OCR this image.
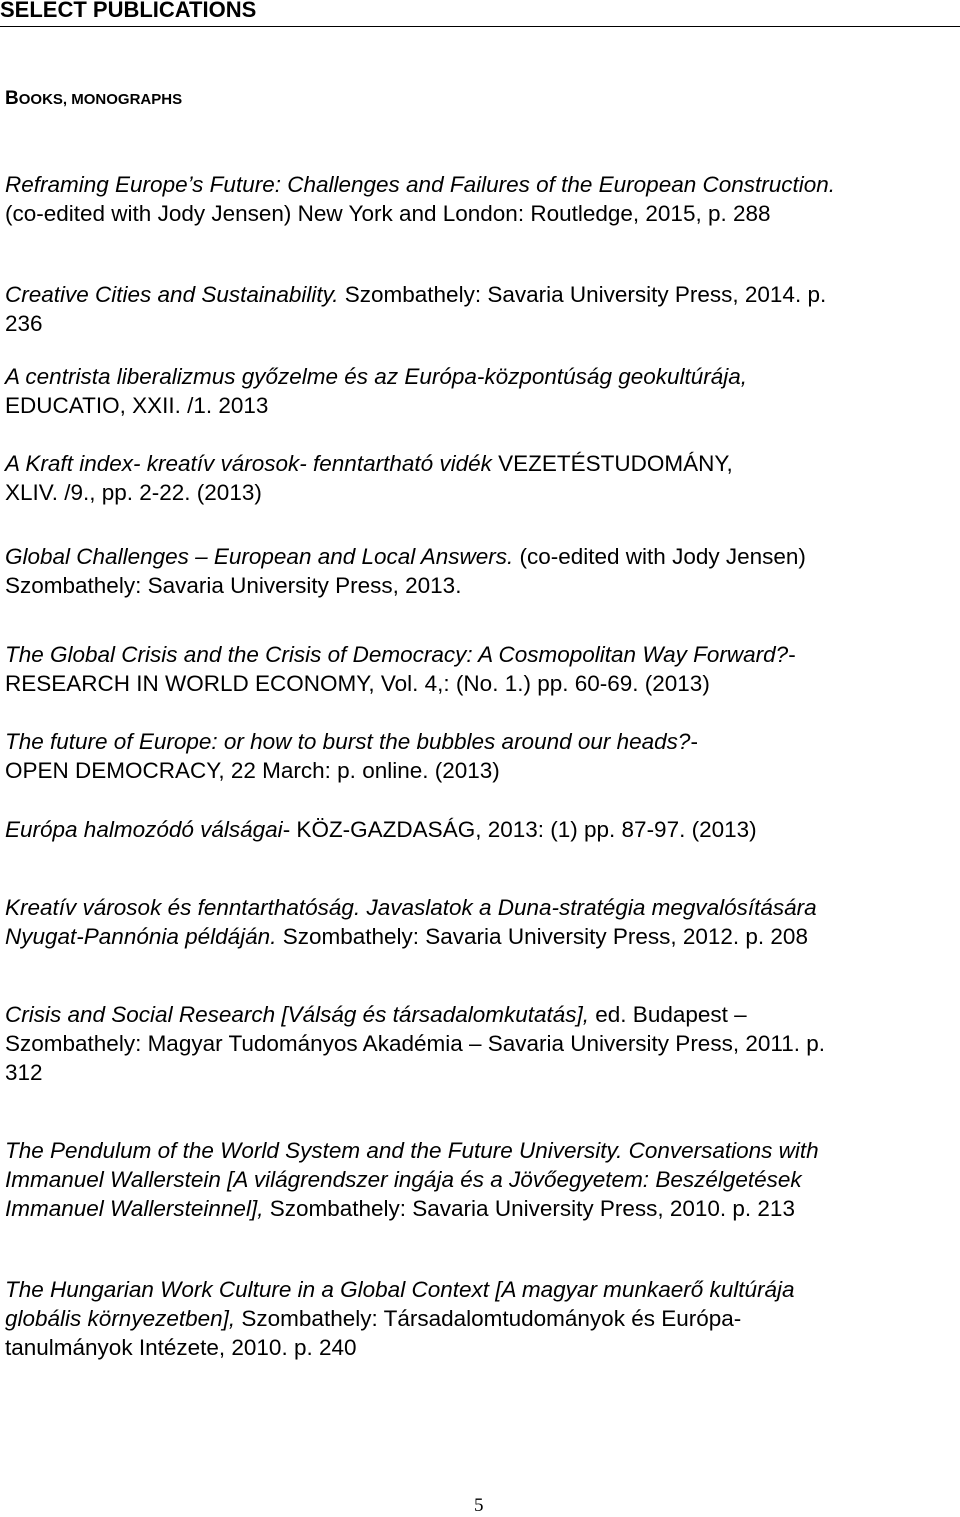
SELECT PUBLICATIONS
BOOKS, MONOGRAPHS
Reframing Europe’s Future: Challenges and Failures of the European Construction.
(co-edited with Jody Jensen) New York and London: Routledge, 2015, p. 288
Creative Cities and Sustainability. Szombathely: Savaria University Press, 2014. p.
236
A centrista liberalizmus győzelme és az Európa-központúság geokultúrája,
EDUCATIO, XXII. /1. 2013
A Kraft index- kreatív városok- fenntartható vidék VEZETÉSTUDOMÁNY,
XLIV. /9., pp. 2-22. (2013)
Global Challenges – European and Local Answers. (co-edited with Jody Jensen)
Szombathely: Savaria University Press, 2013.
The Global Crisis and the Crisis of Democracy: A Cosmopolitan Way Forward?-
RESEARCH IN WORLD ECONOMY, Vol. 4,: (No. 1.) pp. 60-69. (2013)
The future of Europe: or how to burst the bubbles around our heads?-
OPEN DEMOCRACY, 22 March: p. online. (2013)
Európa halmozódó válságai- KÖZ-GAZDASÁG, 2013: (1) pp. 87-97. (2013)
Kreatív városok és fenntarthatóság. Javaslatok a Duna-stratégia megvalósítására
Nyugat-Pannónia példáján. Szombathely: Savaria University Press, 2012. p. 208
Crisis and Social Research [Válság és társadalomkutatás], ed. Budapest –
Szombathely: Magyar Tudományos Akadémia – Savaria University Press, 2011. p.
312
The Pendulum of the World System and the Future University. Conversations with
Immanuel Wallerstein [A világrendszer ingája és a Jövőegyetem: Beszélgetések
Immanuel Wallersteinnel], Szombathely: Savaria University Press, 2010. p. 213
The Hungarian Work Culture in a Global Context [A magyar munkaerő kultúrája
globális környezetben], Szombathely: Társadalomtudományok és Európa-
tanulmányok Intézete, 2010. p. 240
5
